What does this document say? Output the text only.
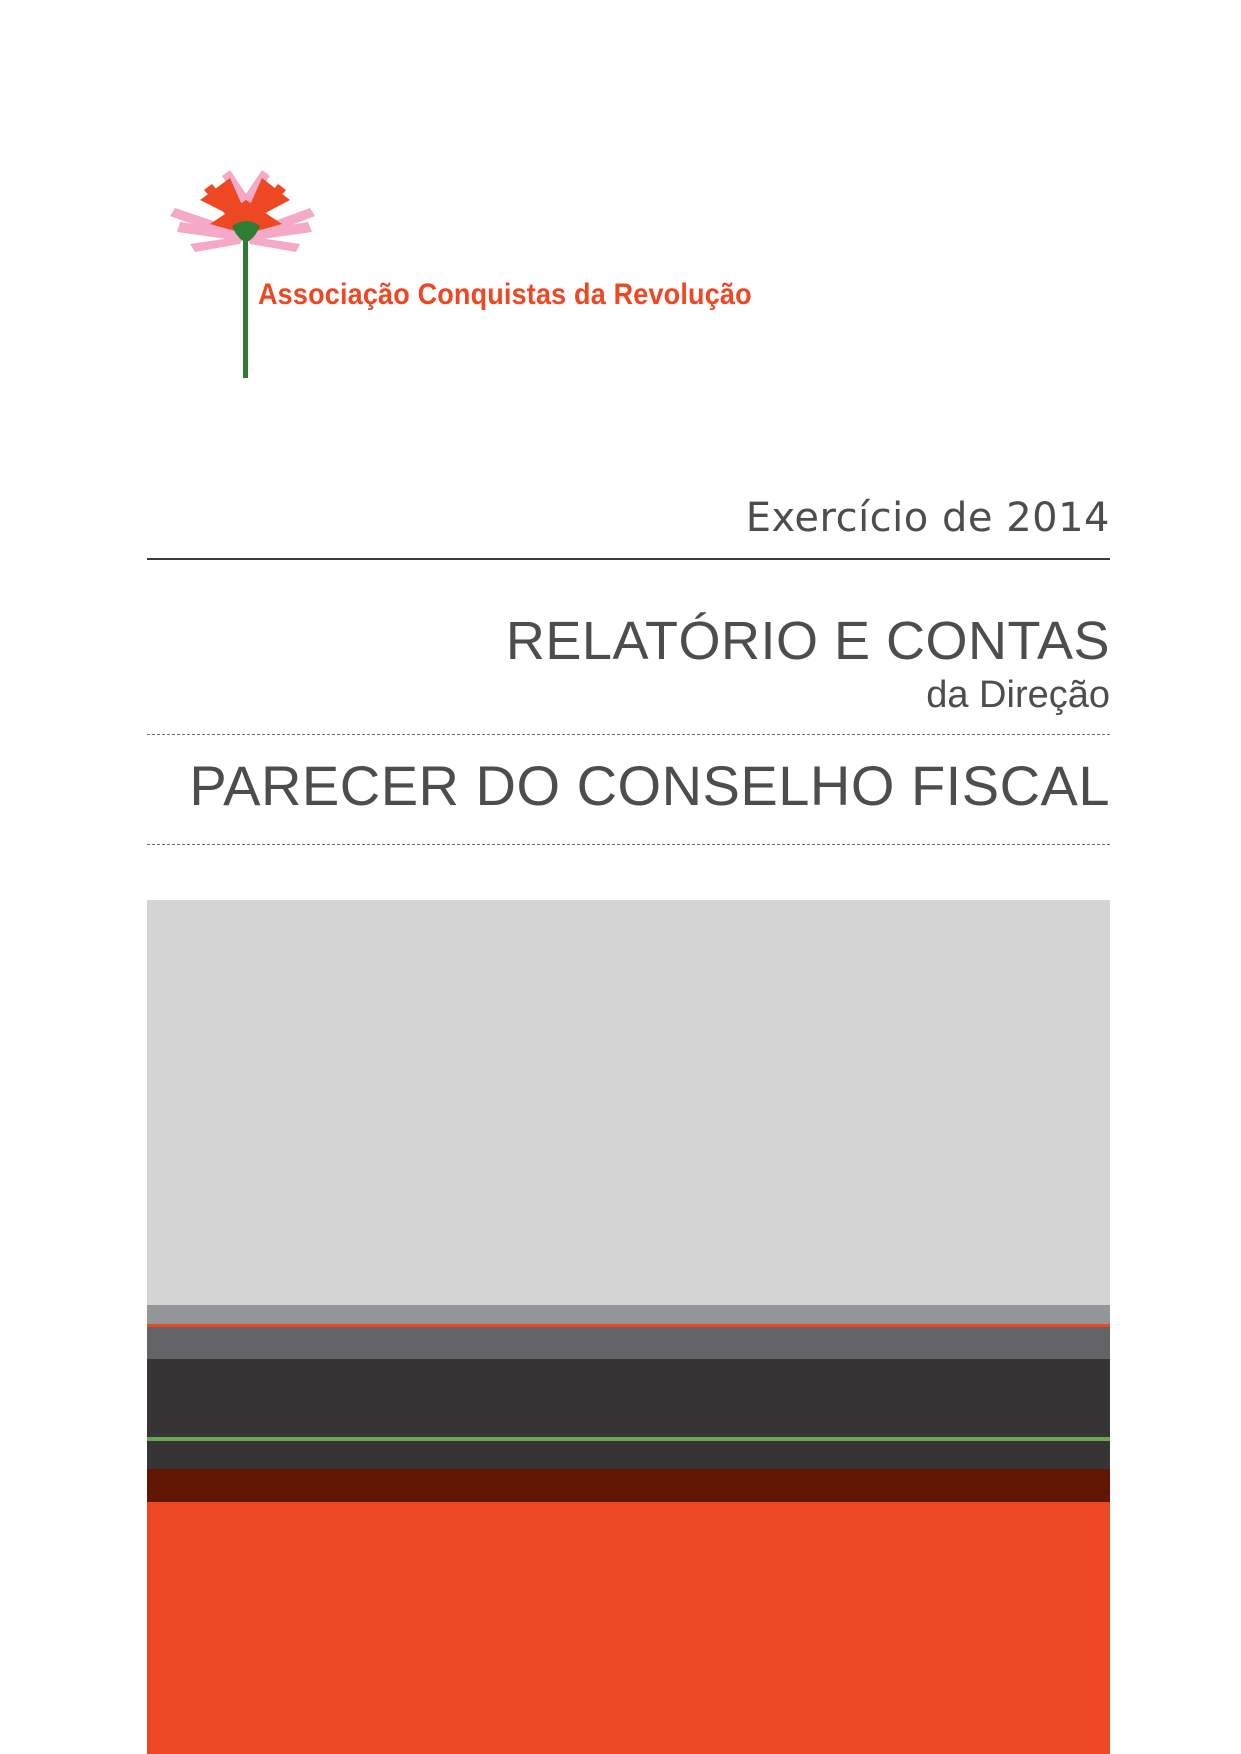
Associação Conquistas da Revolução
Exercício de 2014
RELATÓRIO E CONTAS
da Direção
PARECER DO CONSELHO FISCAL
